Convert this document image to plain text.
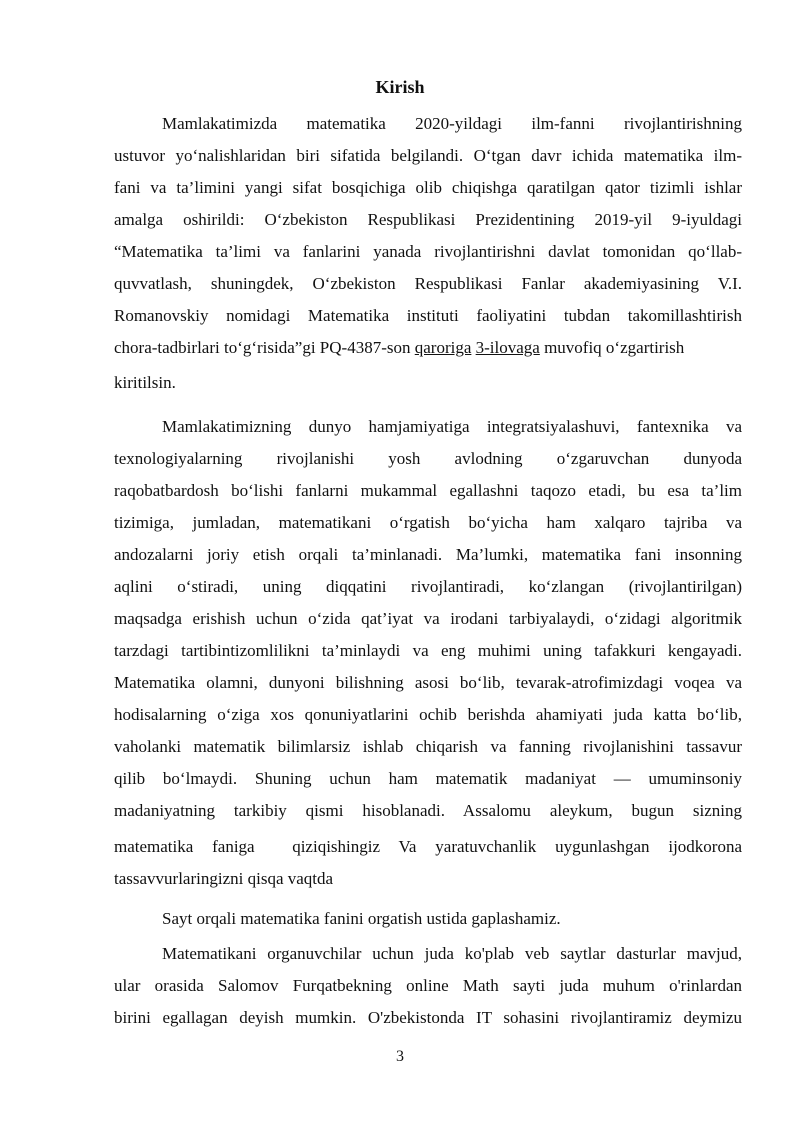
Kirish
Mamlakatimizda matematika 2020-yildagi ilm-fanni rivojlantirishning
ustuvor yo‘nalishlaridan biri sifatida belgilandi. O‘tgan davr ichida matematika ilm-
fani va ta’limini yangi sifat bosqichiga olib chiqishga qaratilgan qator tizimli ishlar
amalga oshirildi: O‘zbekiston Respublikasi Prezidentining 2019-yil 9-iyuldagi
“Matematika ta’limi va fanlarini yanada rivojlantirishni davlat tomonidan qo‘llab-
quvvatlash, shuningdek, O‘zbekiston Respublikasi Fanlar akademiyasining V.I.
Romanovskiy nomidagi Matematika instituti faoliyatini tubdan takomillashtirish
chora-tadbirlari to‘g‘risida”gi PQ-4387-son qaroriga 3-ilovaga muvofiq o‘zgartirish
kiritilsin.
Mamlakatimizning dunyo hamjamiyatiga integratsiyalashuvi, fantexnika va
texnologiyalarning rivojlanishi yosh avlodning o‘zgaruvchan dunyoda
raqobatbardosh bo‘lishi fanlarni mukammal egallashni taqozo etadi, bu esa ta’lim
tizimiga, jumladan, matematikani o‘rgatish bo‘yicha ham xalqaro tajriba va
andozalarni joriy etish orqali ta’minlanadi. Ma’lumki, matematika fani insonning
aqlini o‘stiradi, uning diqqatini rivojlantiradi, ko‘zlangan (rivojlantirilgan)
maqsadga erishish uchun o‘zida qat’iyat va irodani tarbiyalaydi, o‘zidagi algoritmik
tarzdagi tartibintizomlilikni ta’minlaydi va eng muhimi uning tafakkuri kengayadi.
Matematika olamni, dunyoni bilishning asosi bo‘lib, tevarak-atrofimizdagi voqea va
hodisalarning o‘ziga xos qonuniyatlarini ochib berishda ahamiyati juda katta bo‘lib,
vaholanki matematik bilimlarsiz ishlab chiqarish va fanning rivojlanishini tassavur
qilib bo‘lmaydi. Shuning uchun ham matematik madaniyat — umuminsoniy
madaniyatning tarkibiy qismi hisoblanadi. Assalomu aleykum, bugun sizning
matematika faniga  qiziqishingiz Va yaratuvchanlik uygunlashgan ijodkorona
tassavvurlaringizni qisqa vaqtda
Sayt orqali matematika fanini orgatish ustida gaplashamiz.
Matematikani organuvchilar uchun juda ko'plab veb saytlar dasturlar mavjud,
ular orasida Salomov Furqatbekning online Math sayti juda muhum o'rinlardan
birini egallagan deyish mumkin. O'zbekistonda IT sohasini rivojlantiramiz deymizu
3
